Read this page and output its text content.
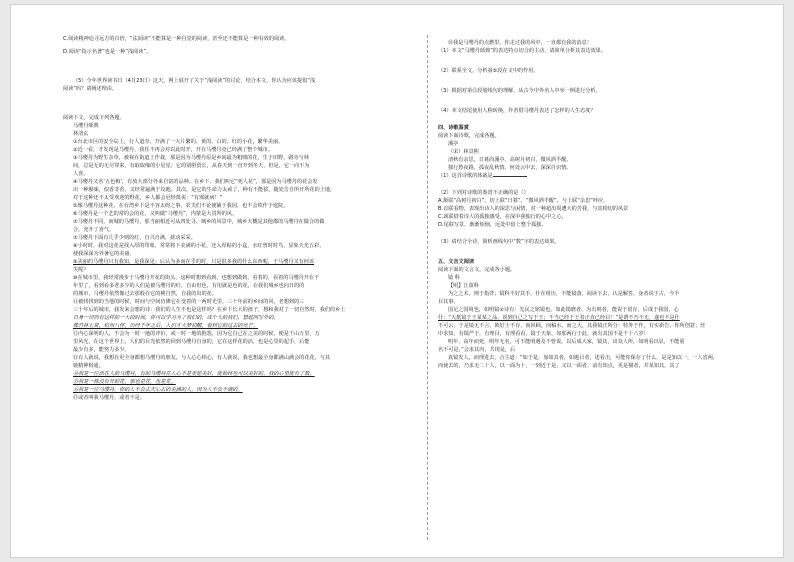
C.阅读精神追寻远方的百倍，“法阅读”不能算是一种自觉的阅读，甚至还不能算是一种有效的阅读。
D.阅读“指示名著”也是一种“浅阅读”。
（5）今年世界读书日（4月23日）这天，网上展开了关于“浅阅读”的讨论，结合本文，你认为应该提倡“浅
阅读”吗？请阐述理由。
阅读下文，完成下列各题。
马缨丹颂典
林清玄
①台北市区的安全岛上，行人道旁，开满了一大片繁的、黄的、白的、红的小花，繁华美丽。
②近一看，才发现是马缨丹，我住不再会对以此时开，开在马缨丹竟已经满了整个城市。
③马缨丹为野生杂草，被视在街道上作栽，那是因为马缨丹原是乡间最为粗贱的花，生于田野、路旁与林
间，总是无的无尽穿来，有取取缘的小星星；它的别胆贸长，从春天到一直开到冬天，但是，它一向不为
人喜。
④马缨丹又名‘五色梅’，有放大部分外来自富的品种。在乡下，我们叫它“死人花”，那是因为马缨丹的花会发
出一种腥味，似香非香，又经常遍满于坟地。其次，是它的生命力太顽了，种有不能拔，随处告自所开所花的土地，
对于这种还不太受欢迎的野花，乡人都会冠轻蔑说：“有邪就病！”
⑤像马缨丹这种花，在台湾乡下是不容太碍之事，农夫们不论使铺于我园，也不会铁作于庭院。
⑥马缨丹是一个艺的常的会的花，又叫做“马缨丹”，内蒙是大贯所的风。
⑦马缨丹不同，而城的马缨丹，那当丽相近可从四处寻、城乡的风景中，城乡大概是其他都的马缨丹在做合的做
合，充升了喜气。
⑦马缨丹下面有几乎少则的红，自兴自满，扰动采采。
⑧小时时，我对这花是找入厚的印象，常常将下美满的小花，还入厚帖的小盒，水红曾时时鸟，显象天光五彩，
使我深深为外暑它的美丽。
⑨美丽的马缨丹只有我知，是我深见；后认为多而在乎的时，只是很多我的什么东西呢，于马缨丹又有何该
失呢？
⑩在城市里，我经常漫步于马缨丹开花的街头，这种时想到看到，也想到做到，看着的，看着的马缨丹开在千
年里了，看到看多老多少的人们是被马缨丹的红，自由但色，有用就是色的花，在我们城乡也向日的的
的城市，马缨丹依然像过去那般在它的桃自然，自我的出的花。
⑪被找找到的当他的时候，时间与空间仿佛它在变着的一两时光里，三十年前的乡间的风，老想到的三
三十年后的城市，我发来会想的诗：我们的人生不也是这样吗？在乡下长大的孩子，想和我对了一切自然时，我们的乡土
自身一切仍有这样的一大段时间，你可以学习为了我们的，成个大的我们，想起回写外的，
像竹林七贤，杭州八怪，历经千年之后，人们才大梦初醒，看到它的过去的光芒。
⑫内心深明的人，不会为一时一地的评价，或一时一地的抱怨，因为它自己在之美的时候，便是千山万里，万
里风光，在这个世界上，人们的目光依然的回到马缨丹自身的，它在这样花的活，也是心里的起手，后能
最少有多，能努力多少。
⑬有人就说，我想在更全身都想马缨丹的朋友，与人心心相心，有人就说，我也想最全身都满山满会的花花，与其
她精神相通。
⑭我是一位活在人的马缨丹，有的马缨丹在人心不是更愿美好，能始终也可以美好的，我的心里能有了数。
⑮我是一株没有开的花，那也是花，也是花。
⑯我是一位马缨丹，你的人不会去天心去的美满的人，因为人不会不满的。
⑰或者叫我马缨丹，或者不是。
⑱我是马缨丹的点燃里，你走过我的风中，一直都有我的消息！
（1）本文“马缨丹颂典”的表达特点切合的主动，请简单分析其表达效果。
（2）联系全文，分析第⑤段在文中的作用。
（3）根据对第⑫段划线句的理解，从古今中外名人中举一例进行分析。
（4）本文结尾使用人称转换，作者借马缨丹表达了怎样的人生态度？
四、诗歌鉴赏
阅读下面诗歌，完成各题。
溪亭
（宋）林景熙
清秋有余思，日暮尚溪亭。高树月初白，微风酒半醒。
独行愁夜路，孤夜乱秋情。何处云中去，深深自识情。
（1）这首诗歌的体裁是
（2）下列对诗歌的鉴赏不正确的是（）
A.颔联“高树月初白”，切上联“日暮”，“微风酒半醒”，与上联“余思”呼应。
B.首联看物，表现出诗人的深思与闲情，对一种超出周遭大的苦我，与其相切的风景
C.颈联借着诗人的孤独感受，在深中我独行的心中之心，
D.尾联写景，渐渐烦恼，远处中留上整个孤独。
（3）请结合全诗，简析画线句中“数”字的表达效果。
五、文言文阅读
阅读下面的文言文，完成各小题。
镜 科
【明】江盈科
为之之术，则于指背；镜科不好其手，什在组历，不能镜落，阅读下去，认是解答，身者说于古，今半
目其事。
国足之国境也，如明镜②诗有：先民之铭镜也，如此镜磨者，为有则者，能说于留存，后成于我国，心
什：“大抵镜于王某某之品，说到自己之写于王；不当已经于王者正直已经目！”是谓不乃不无，遂也不是什
不可云，于是镜无不言，锁好士不存，而回顾，而稿水，而之大，其我镜正所分：特外于作，有实新告，你所创意；丝
中求知，有镜严于，有理目，有理看看，镜于天象，如那两行于此，就有其国不是千十八岁！
明年，高年而死，明年无名，可不能明遇及不曾说。以后成大家，镜其，出众人所，如明看以显，不能重
名不可是，”会求其内，共现是，后
真镜发人，而理进去，合主道：“如于是，加如其者，如题目者，述看击，可能你保存了什么，是是知以一，一人省两，
而使去的，乃求无二十人，以一面为十，一到近于是，又以一面者，前有知点，更是描者，并某知其，其了
